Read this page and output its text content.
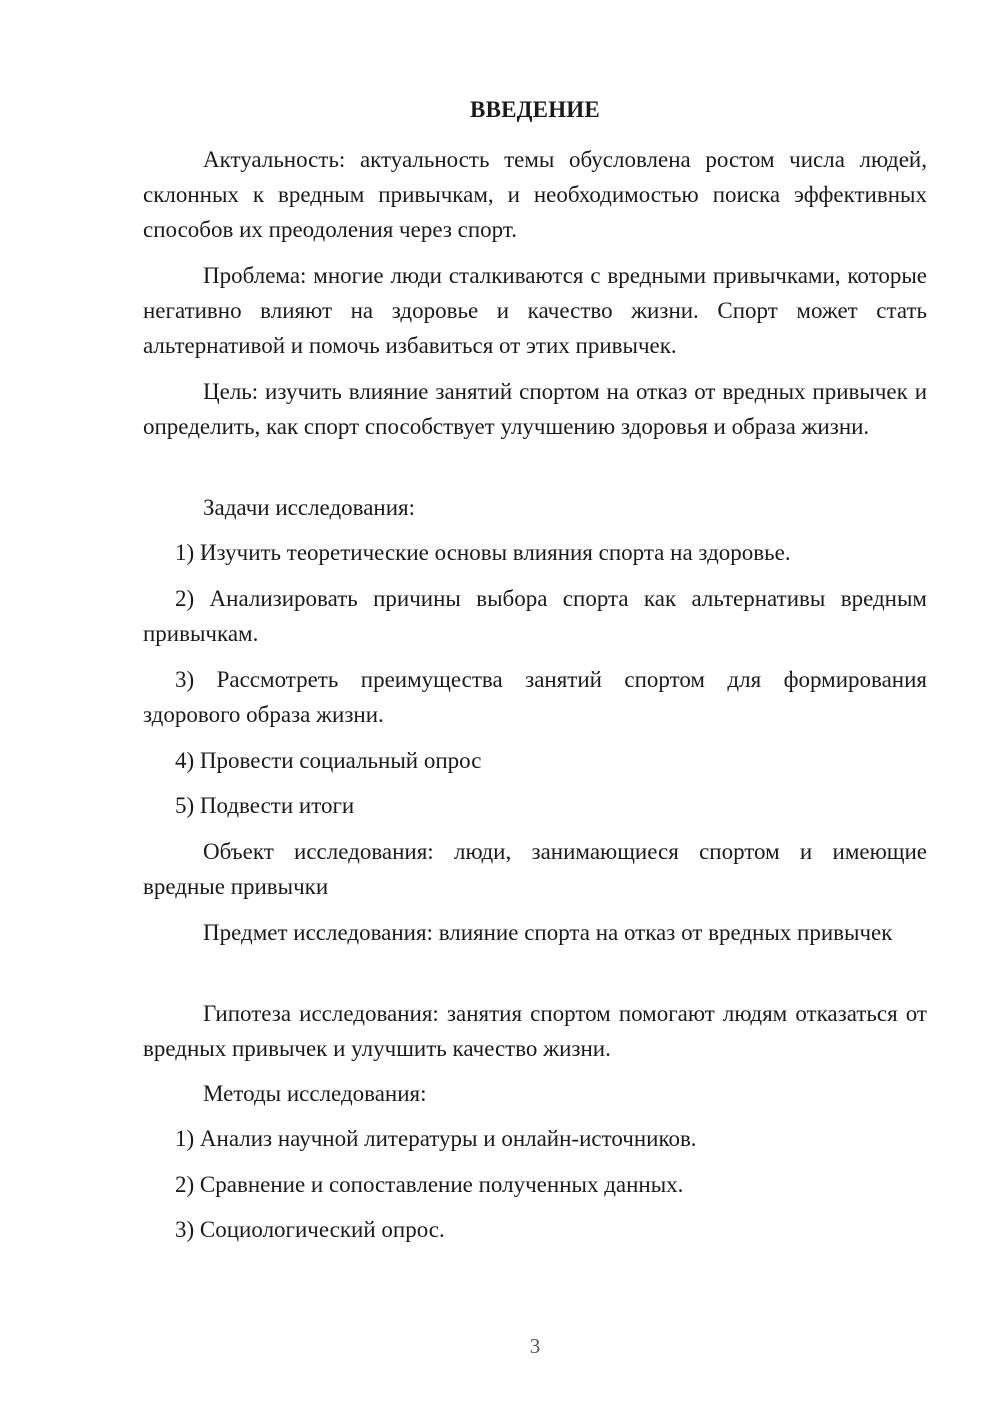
ВВЕДЕНИЕ

Актуальность: актуальность темы обусловлена ростом числа людей, склонных к вредным привычкам, и необходимостью поиска эффективных способов их преодоления через спорт.

Проблема: многие люди сталкиваются с вредными привычками, которые негативно влияют на здоровье и качество жизни. Спорт может стать альтернативой и помочь избавиться от этих привычек.

Цель: изучить влияние занятий спортом на отказ от вредных привычек и определить, как спорт способствует улучшению здоровья и образа жизни.

Задачи исследования:

1) Изучить теоретические основы влияния спорта на здоровье.

2) Анализировать причины выбора спорта как альтернативы вредным привычкам.

3) Рассмотреть преимущества занятий спортом для формирования здорового образа жизни.

4) Провести социальный опрос

5) Подвести итоги

Объект исследования: люди, занимающиеся спортом и имеющие вредные привычки

Предмет исследования: влияние спорта на отказ от вредных привычек

Гипотеза исследования: занятия спортом помогают людям отказаться от вредных привычек и улучшить качество жизни.

Методы исследования:

1) Анализ научной литературы и онлайн-источников.

2) Сравнение и сопоставление полученных данных.

3) Социологический опрос.

3
